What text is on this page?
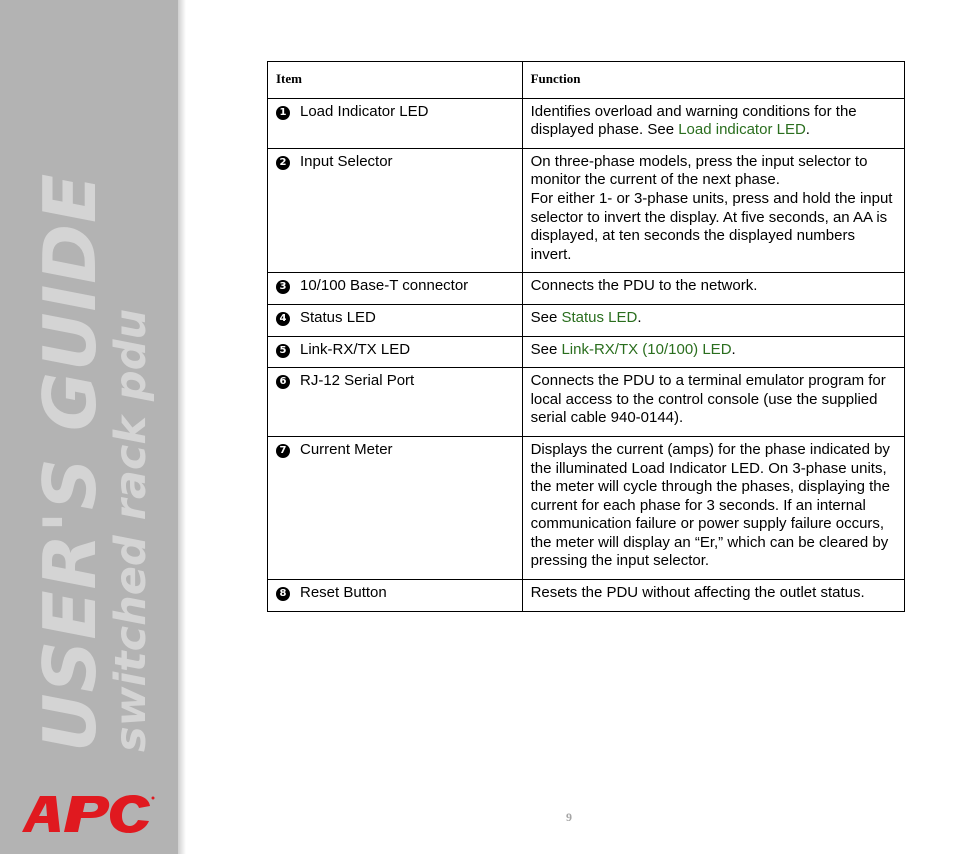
USER'S GUIDE
switched rack pdu
Item	Function
1 Load Indicator LED	Identifies overload and warning conditions for the displayed phase. See Load indicator LED.
2 Input Selector	On three-phase models, press the input selector to monitor the current of the next phase.
For either 1- or 3-phase units, press and hold the input selector to invert the display. At five seconds, an AA is displayed, at ten seconds the displayed numbers invert.

3 10/100 Base-T connector	Connects the PDU to the network.
4 Status LED	See Status LED.
5 Link-RX/TX LED	See Link-RX/TX (10/100) LED.
6 RJ-12 Serial Port	Connects the PDU to a terminal emulator program for local access to the control console (use the supplied serial cable 940-0144).
7 Current Meter	Displays the current (amps) for the phase indicated by the illuminated Load Indicator LED. On 3-phase units, the meter will cycle through the phases, displaying the current for each phase for 3 seconds. If an internal communication failure or power supply failure occurs, the meter will display an “Er,” which can be cleared by pressing the input selector.
8 Reset Button	Resets the PDU without affecting the outlet status.
9
